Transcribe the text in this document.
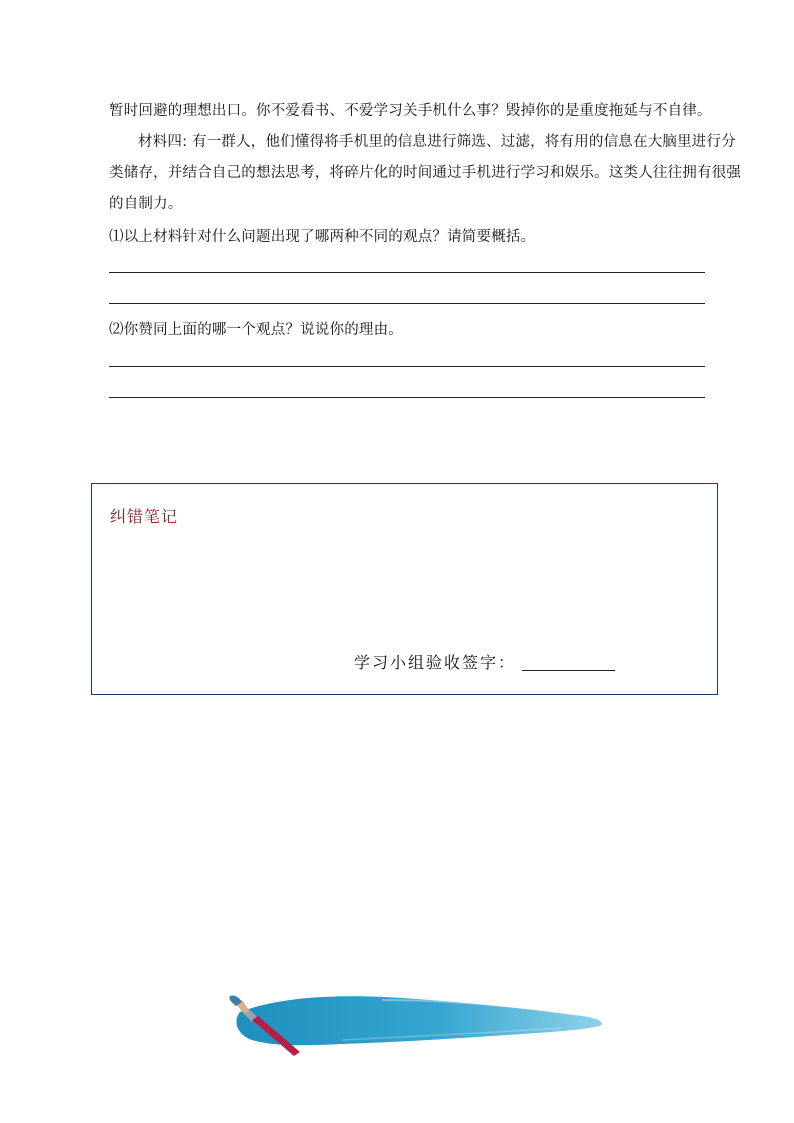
暂时回避的理想出口。你不爱看书、不爱学习关手机什么事？毁掉你的是重度拖延与不自律。
材料四: 有一群人，他们懂得将手机里的信息进行筛选、过滤，将有用的信息在大脑里进行分
类储存，并结合自己的想法思考，将碎片化的时间通过手机进行学习和娱乐。这类人往往拥有很强
的自制力。
⑴以上材料针对什么问题出现了哪两种不同的观点？请简要概括。
⑵你赞同上面的哪一个观点？说说你的理由。
纠错笔记
学习小组验收签字：
